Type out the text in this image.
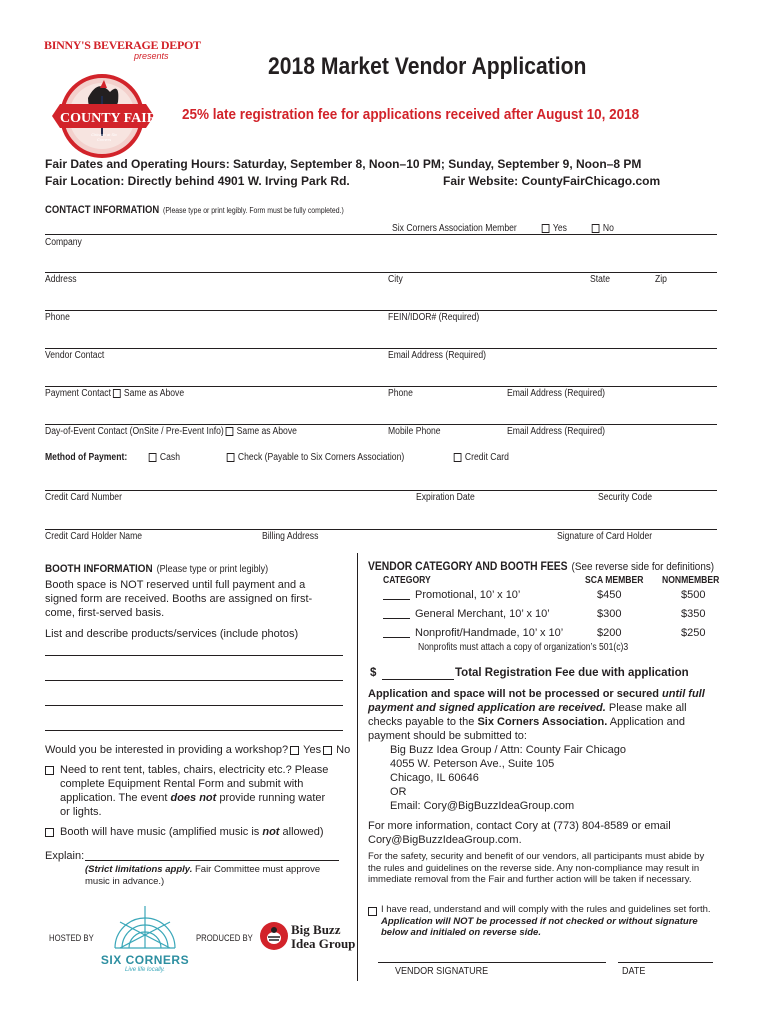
BINNY'S BEVERAGE DEPOT
presents
COUNTY FAIR
Chicago at Six Corners
2018 Market Vendor Application
25% late registration fee for applications received after August 10, 2018
Fair Dates and Operating Hours: Saturday, September 8, Noon–10 PM; Sunday, September 9, Noon–8 PM
Fair Location: Directly behind 4901 W. Irving Park Rd.	Fair Website: CountyFairChicago.com
CONTACT INFORMATION (Please type or print legibly. Form must be fully completed.)
Six Corners Association Member	Yes	No
Company
Address	City	State	Zip
Phone	FEIN/IDOR# (Required)
Vendor Contact	Email Address (Required)
Payment Contact Same as Above	Phone	Email Address (Required)
Day-of-Event Contact (OnSite / Pre-Event Info) Same as Above	Mobile Phone	Email Address (Required)
Method of Payment:	Cash	Check (Payable to Six Corners Association)	Credit Card
Credit Card Number	Expiration Date	Security Code
Credit Card Holder Name	Billing Address	Signature of Card Holder
BOOTH INFORMATION (Please type or print legibly)
Booth space is NOT reserved until full payment and a signed form are received. Booths are assigned on first-come, first-served basis.
List and describe products/services (include photos)
Would you be interested in providing a workshop? Yes No
Need to rent tent, tables, chairs, electricity etc.? Please complete Equipment Rental Form and submit with application. The event does not provide running water or lights.
Booth will have music (amplified music is not allowed)
Explain:
(Strict limitations apply. Fair Committee must approve music in advance.)
HOSTED BY
SIX CORNERS
Live life locally.
PRODUCED BY
Big Buzz
Idea Group
VENDOR CATEGORY AND BOOTH FEES (See reverse side for definitions)
CATEGORY	SCA MEMBER NONMEMBER
Promotional, 10’ x 10’	$450	$500
General Merchant, 10’ x 10’	$300	$350
Nonprofit/Handmade, 10’ x 10’	$200	$250
Nonprofits must attach a copy of organization’s 501(c)3
$	Total Registration Fee due with application
Application and space will not be processed or secured until full payment and signed application are received. Please make all checks payable to the Six Corners Association. Application and payment should be submitted to:
Big Buzz Idea Group / Attn: County Fair Chicago
4055 W. Peterson Ave., Suite 105
Chicago, IL 60646
OR
Email: Cory@BigBuzzIdeaGroup.com
For more information, contact Cory at (773) 804-8589 or email Cory@BigBuzzIdeaGroup.com.
For the safety, security and benefit of our vendors, all participants must abide by the rules and guidelines on the reverse side. Any non-compliance may result in immediate removal from the Fair and further action will be taken if necessary.
I have read, understand and will comply with the rules and guidelines set forth. Application will NOT be processed if not checked or without signature below and initialed on reverse side.
VENDOR SIGNATURE	DATE
